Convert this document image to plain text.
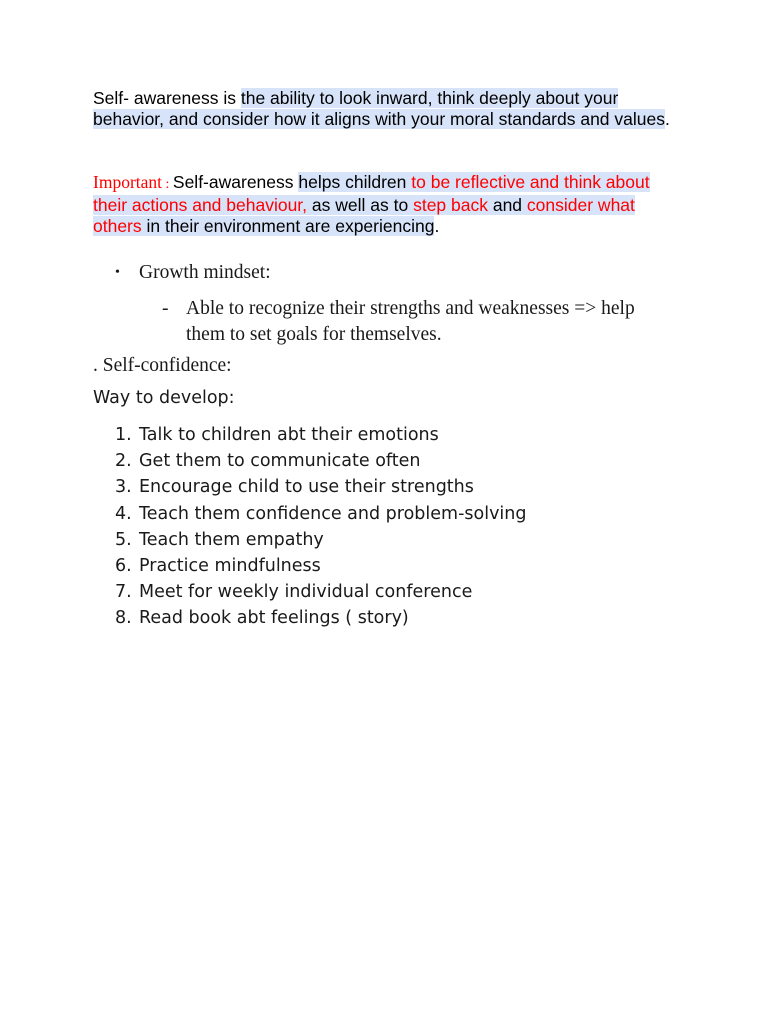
Self- awareness is the ability to look inward, think deeply about your behavior, and consider how it aligns with your moral standards and values.

Important : Self-awareness helps children to be reflective and think about their actions and behaviour, as well as to step back and consider what others in their environment are experiencing.

• Growth mindset:
- Able to recognize their strengths and weaknesses => help them to set goals for themselves.
. Self-confidence:
Way to develop:
1. Talk to children abt their emotions
2. Get them to communicate often
3. Encourage child to use their strengths
4. Teach them confidence and problem-solving
5. Teach them empathy
6. Practice mindfulness
7. Meet for weekly individual conference
8. Read book abt feelings ( story)
